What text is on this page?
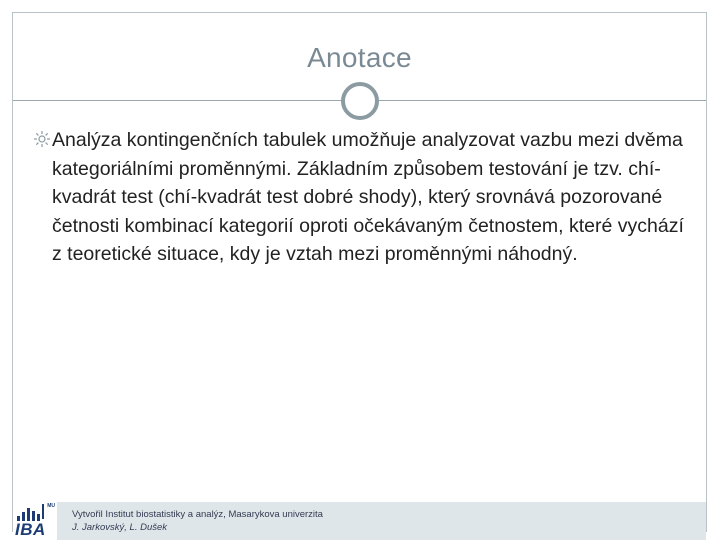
Anotace

Analýza kontingenčních tabulek umožňuje analyzovat vazbu mezi dvěma kategoriálními proměnnými. Základním způsobem testování je tzv. chí-kvadrát test (chí-kvadrát test dobré shody), který srovnává pozorované četnosti kombinací kategorií oproti očekávaným četnostem, které vychází z teoretické situace, kdy je vztah mezi proměnnými náhodný.

MU
IBA
Vytvořil Institut biostatistiky a analýz, Masarykova univerzita
J. Jarkovský, L. Dušek
